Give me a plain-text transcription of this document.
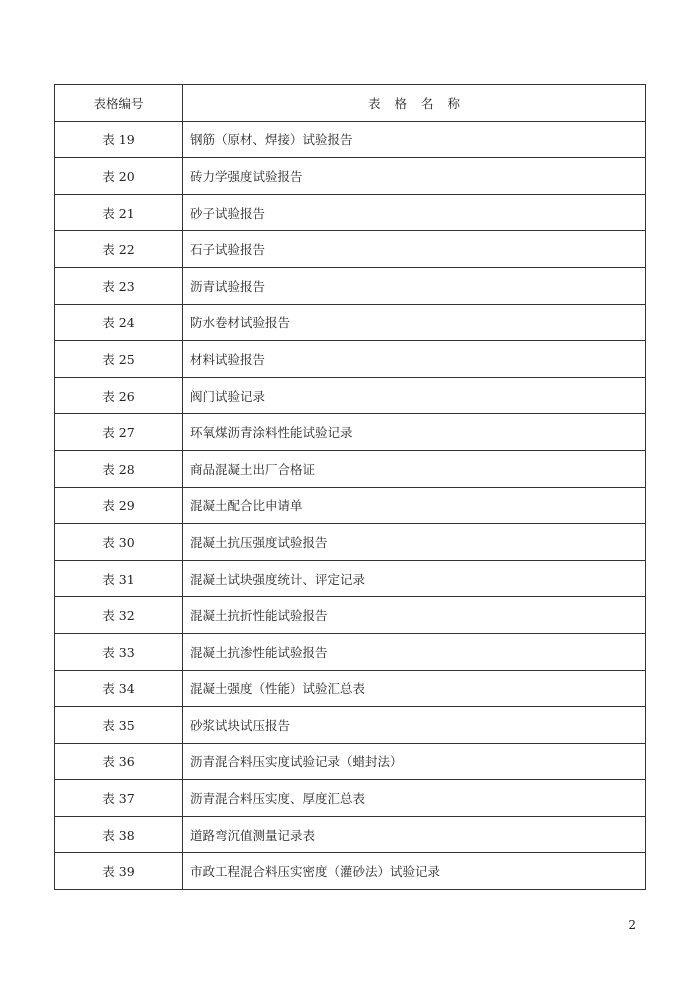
表格编号	表格名称
表 19	钢筋（原材、焊接）试验报告
表 20	砖力学强度试验报告
表 21	砂子试验报告
表 22	石子试验报告
表 23	沥青试验报告
表 24	防水卷材试验报告
表 25	材料试验报告
表 26	阀门试验记录
表 27	环氧煤沥青涂料性能试验记录
表 28	商品混凝土出厂合格证
表 29	混凝土配合比申请单
表 30	混凝土抗压强度试验报告
表 31	混凝土试块强度统计、评定记录
表 32	混凝土抗折性能试验报告
表 33	混凝土抗渗性能试验报告
表 34	混凝土强度（性能）试验汇总表
表 35	砂浆试块试压报告
表 36	沥青混合料压实度试验记录（蜡封法）
表 37	沥青混合料压实度、厚度汇总表
表 38	道路弯沉值测量记录表
表 39	市政工程混合料压实密度（灌砂法）试验记录
2
